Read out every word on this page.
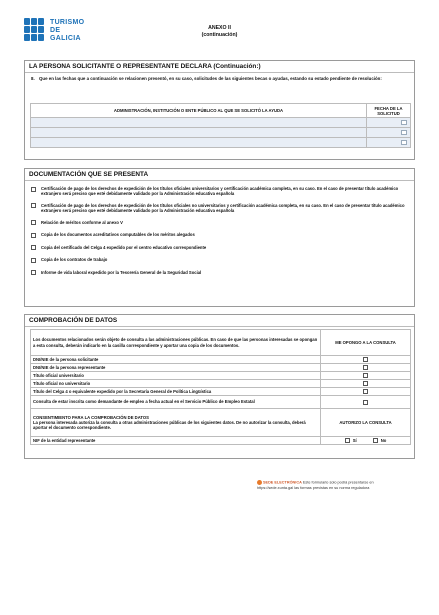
TURISMO
DE
GALICIA
ANEXO II
(continuación)
LA PERSONA SOLICITANTE O REPRESENTANTE DECLARA (Continuación:)
8. Que en las fechas que a continuación se relacionen presentó, en su caso, solicitudes de las siguientes becas o ayudas, estando su estado pendiente de resolución:
ADMINISTRACIÓN, INSTITUCIÓN O ENTE PÚBLICO AL QUE SE SOLICITÓ LA AYUDA	FECHA DE LA SOLICITUD

DOCUMENTACIÓN QUE SE PRESENTA
Certificación de pago de los derechos de expedición de los títulos oficiales universitarios y certificación académica completa, en su caso. En el caso de presentar título académico extranjero será preciso que esté debidamente validado por la Administración educativa española
Certificación de pago de los derechos de expedición de los títulos oficiales no universitarios y certificación académica completa, en su caso. En el caso de presentar título académico extranjero será preciso que esté debidamente validado por la Administración educativa española
Relación de méritos conforme al anexo V
Copia de los documentos acreditativos computables de los méritos alegados
Copia del certificado del Celga 4 expedido por el centro educativo correspondiente
Copia de los contratos de trabajo
Informe de vida laboral expedido por la Tesorería General de la Seguridad Social
COMPROBACIÓN DE DATOS
Los documentos relacionados serán objeto de consulta a las administraciones públicas. En caso de que las personas interesadas se opongan a esta consulta, deberán indicarlo en la casilla correspondiente y aportar una copia de los documentos.	ME OPONGO A LA CONSULTA
DNI/NIE de la persona solicitante	
DNI/NIE de la persona representante	
Título oficial universitario	
Título oficial no universitario	
Título del Celga 4 o equivalente expedido por la Secretaría General de Política Lingüística	
Consulta de estar inscrita como demandante de empleo a fecha actual en el Servicio Público de Empleo Estatal	

CONSENTIMIENTO PARA LA COMPROBACIÓN DE DATOS
La persona interesada autoriza la consulta a otras administraciones públicas de los siguientes datos. De no autorizar la consulta, deberá aportar el documento correspondiente.	AUTORIZO LA CONSULTA
NIF de la entidad representante	Sí No
SEDE ELECTRÓNICA Este formulario solo podrá presentarse en
https://sede.xunta.gal las formas previstas en su norma reguladora
